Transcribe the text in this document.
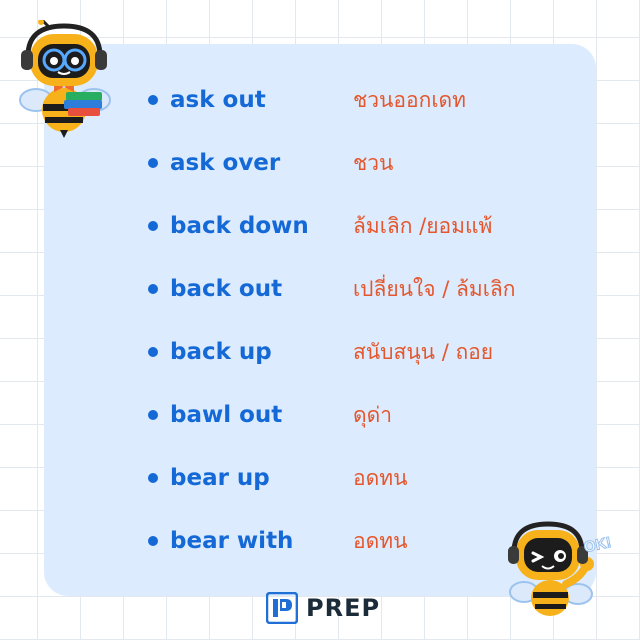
ask out	ชวนออกเดท
ask over	ชวน
back down	ล้มเลิก /ยอมแพ้
back out	เปลี่ยนใจ / ล้มเลิก
back up	สนับสนุน / ถอย
bawl out	ดุด่า
bear up	อดทน
bear with	อดทน	OK!
PREP
